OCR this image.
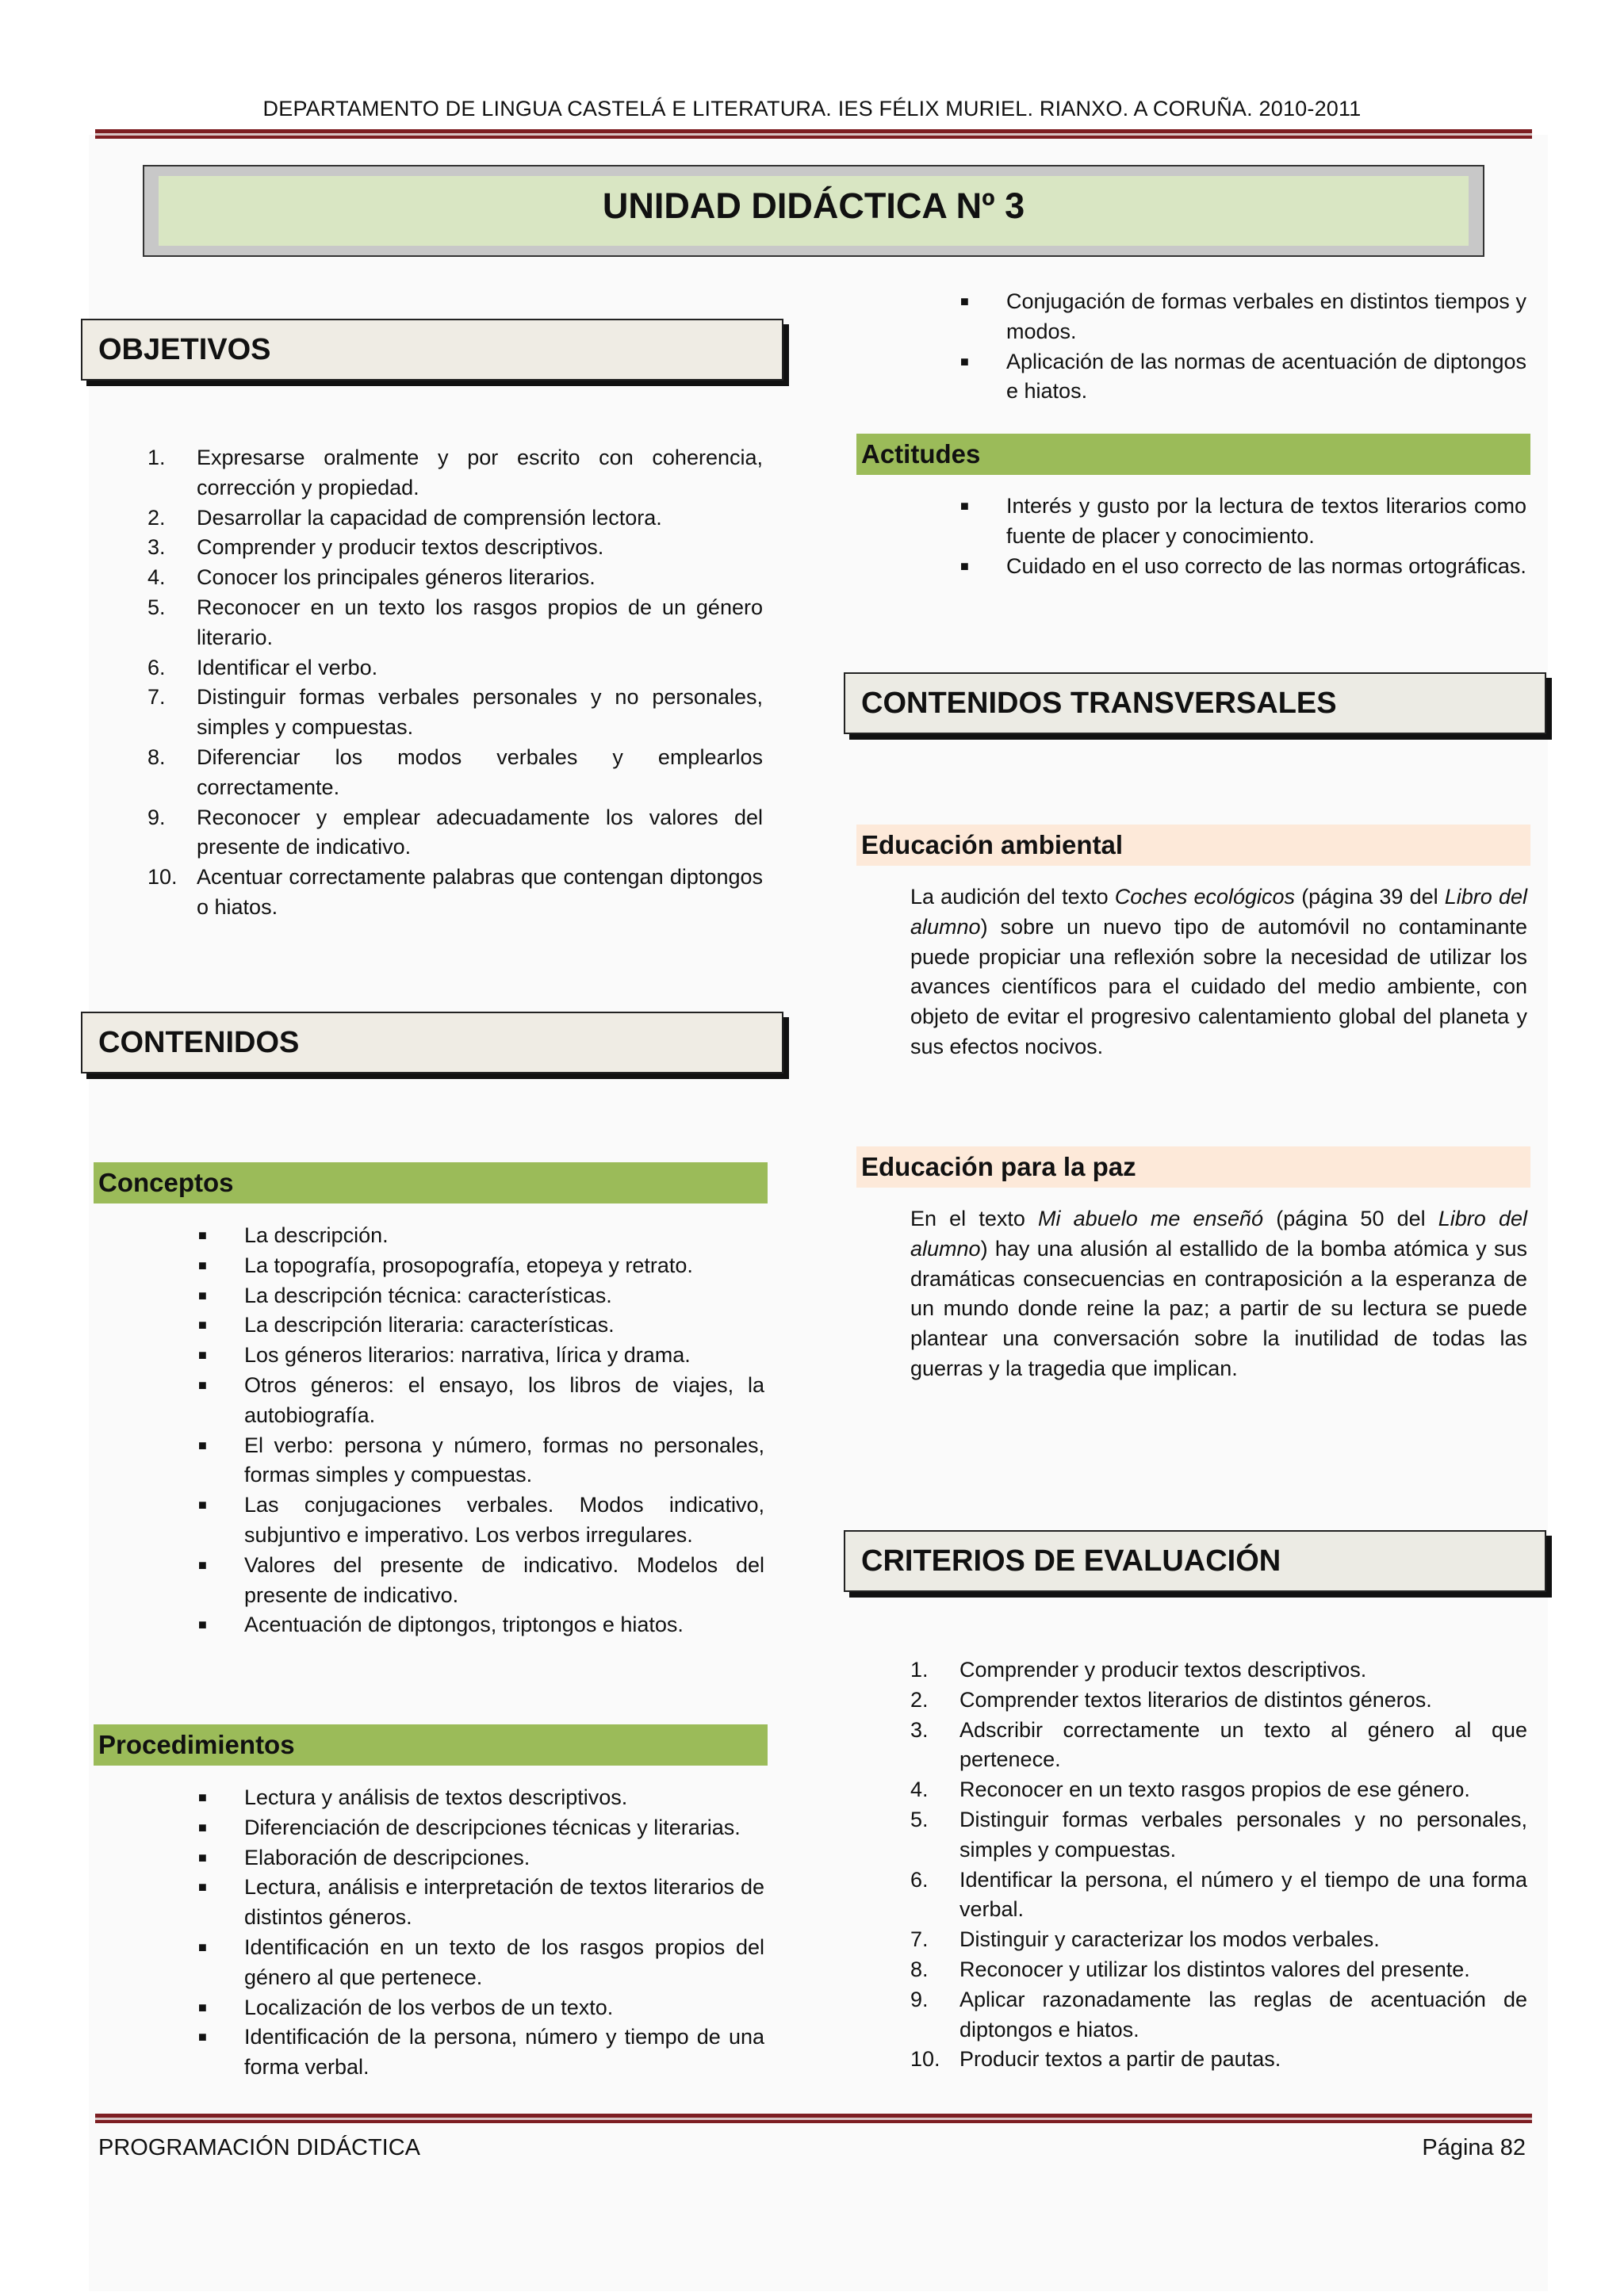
DEPARTAMENTO DE LINGUA CASTELÁ E LITERATURA. IES FÉLIX MURIEL. RIANXO. A CORUÑA. 2010-2011
UNIDAD DIDÁCTICA Nº 3
OBJETIVOS
1.	Expresarse oralmente y por escrito con coherencia, corrección y propiedad.
2.	Desarrollar la capacidad de comprensión lectora.
3.	Comprender y producir textos descriptivos.
4.	Conocer los principales géneros literarios.
5.	Reconocer en un texto los rasgos propios de un género literario.
6.	Identificar el verbo.
7.	Distinguir formas verbales personales y no personales, simples y compuestas.
8.	Diferenciar los modos verbales y emplearlos correctamente.
9.	Reconocer y emplear adecuadamente los valores del presente de indicativo.
10. Acentuar correctamente palabras que contengan diptongos o hiatos.
CONTENIDOS
Conceptos
■	La descripción.
■	La topografía, prosopografía, etopeya y retrato.
■	La descripción técnica: características.
■	La descripción literaria: características.
■	Los géneros literarios: narrativa, lírica y drama.
■	Otros géneros: el ensayo, los libros de viajes, la autobiografía.
■	El verbo: persona y número, formas no personales, formas simples y compuestas.
■	Las conjugaciones verbales. Modos indicativo, subjuntivo e imperativo. Los verbos irregulares.
■	Valores del presente de indicativo. Modelos del presente de indicativo.
■	Acentuación de diptongos, triptongos e hiatos.
Procedimientos
■	Lectura y análisis de textos descriptivos.
■	Diferenciación de descripciones técnicas y literarias.
■	Elaboración de descripciones.
■	Lectura, análisis e interpretación de textos literarios de distintos géneros.
■	Identificación en un texto de los rasgos propios del género al que pertenece.
■	Localización de los verbos de un texto.
■	Identificación de la persona, número y tiempo de una forma verbal.
■	Conjugación de formas verbales en distintos tiempos y modos.
■	Aplicación de las normas de acentuación de diptongos e hiatos.
Actitudes
■	Interés y gusto por la lectura de textos literarios como fuente de placer y conocimiento.
■	Cuidado en el uso correcto de las normas ortográficas.
CONTENIDOS TRANSVERSALES
Educación ambiental
La audición del texto Coches ecológicos (página 39 del Libro del alumno) sobre un nuevo tipo de automóvil no contaminante puede propiciar una reflexión sobre la necesidad de utilizar los avances científicos para el cuidado del medio ambiente, con objeto de evitar el progresivo calentamiento global del planeta y sus efectos nocivos.
Educación para la paz
En el texto Mi abuelo me enseñó (página 50 del Libro del alumno) hay una alusión al estallido de la bomba atómica y sus dramáticas consecuencias en contraposición a la esperanza de un mundo donde reine la paz; a partir de su lectura se puede plantear una conversación sobre la inutilidad de todas las guerras y la tragedia que implican.
CRITERIOS DE EVALUACIÓN
1.	Comprender y producir textos descriptivos.
2.	Comprender textos literarios de distintos géneros.
3.	Adscribir correctamente un texto al género al que pertenece.
4.	Reconocer en un texto rasgos propios de ese género.
5.	Distinguir formas verbales personales y no personales, simples y compuestas.
6.	Identificar la persona, el número y el tiempo de una forma verbal.
7.	Distinguir y caracterizar los modos verbales.
8.	Reconocer y utilizar los distintos valores del presente.
9.	Aplicar razonadamente las reglas de acentuación de diptongos e hiatos.
10. Producir textos a partir de pautas.
PROGRAMACIÓN DIDÁCTICA	Página 82
